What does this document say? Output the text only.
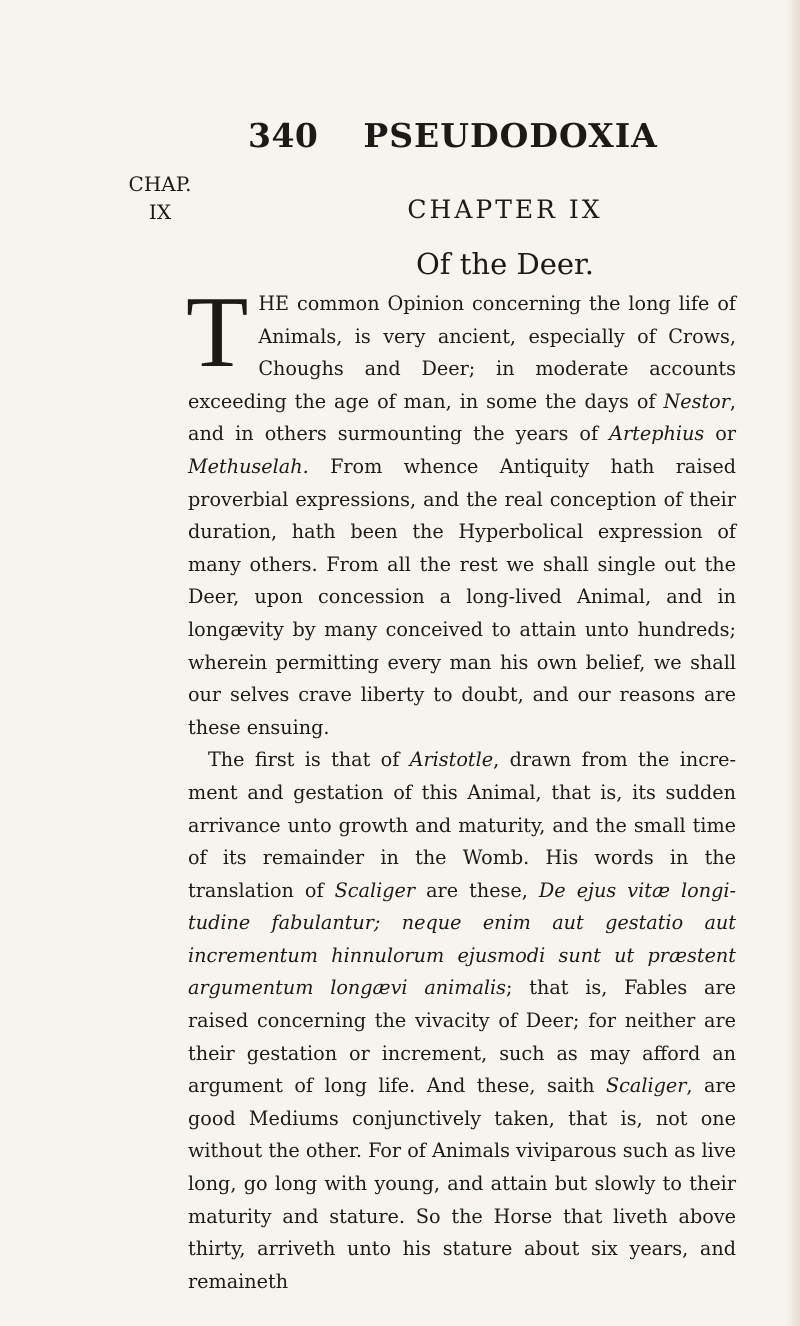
340 PSEUDODOXIA
CHAP.
IX	CHAPTER IX
Of the Deer.

THE common Opinion concerning the long life of Animals, is very ancient, especially of Crows, Choughs and Deer; in moderate accounts exceeding the age of man, in some the days of Nestor, and in others surmounting the years of Artephius or Methuselah. From whence Antiquity hath raised proverbial expressions, and the real conception of their duration, hath been the Hyperbolical expression of many others. From all the rest we shall single out the Deer, upon concession a long-lived Animal, and in longævity by many conceived to attain unto hundreds; wherein permitting every man his own belief, we shall our selves crave liberty to doubt, and our reasons are these ensuing.

The first is that of Aristotle, drawn from the increment and gestation of this Animal, that is, its sudden arrivance unto growth and maturity, and the small time of its remainder in the Womb. His words in the translation of Scaliger are these, De ejus vitæ longitudine fabulantur; neque enim aut gestatio aut incrementum hinnulorum ejusmodi sunt ut præstent argumentum longævi animalis; that is, Fables are raised concerning the vivacity of Deer; for neither are their gestation or increment, such as may afford an argument of long life. And these, saith Scaliger, are good Mediums conjunctively taken, that is, not one without the other. For of Animals viviparous such as live long, go long with young, and attain but slowly to their maturity and stature. So the Horse that liveth above thirty, arriveth unto his stature about six years, and remaineth
